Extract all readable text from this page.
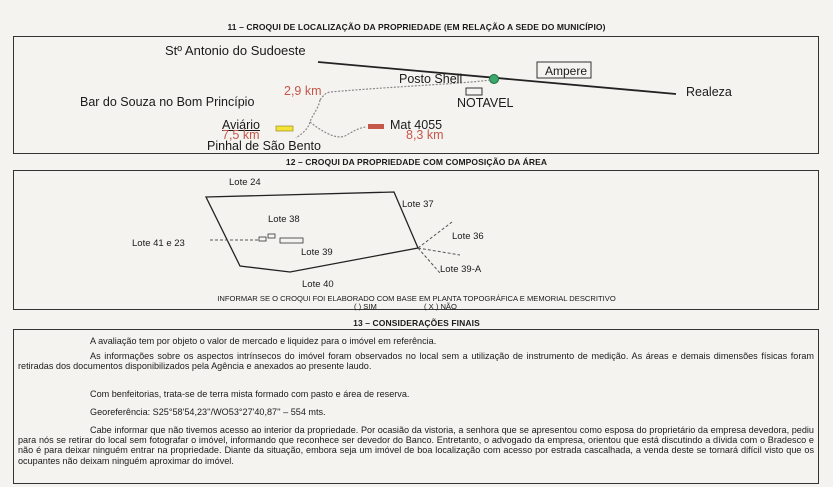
11 – CROQUI DE LOCALIZAÇÃO DA PROPRIEDADE (EM RELAÇÃO A SEDE DO MUNICÍPIO)
Stº Antonio do Sudoeste
Posto Shell
Ampere
Realeza
2,9 km
Bar do Souza no Bom Princípio	NOTAVEL
Aviário
7,5 km
Mat 4055
8,3 km
Pinhal de São Bento
12 – CROQUI DA PROPRIEDADE COM COMPOSIÇÃO DA ÁREA
Lote 24
Lote 37
Lote 38
Lote 36
Lote 41 e 23
Lote 39
Lote 39-A
Lote 40
INFORMAR SE O CROQUI FOI ELABORADO COM BASE EM PLANTA TOPOGRÁFICA E MEMORIAL DESCRITIVO
( ) SIM	( X ) NÃO
13 – CONSIDERAÇÕES FINAIS
A avaliação tem por objeto o valor de mercado e liquidez para o imóvel em referência.
As informações sobre os aspectos intrínsecos do imóvel foram observados no local sem a utilização de instrumento de medição. As áreas e demais dimensões físicas foram retiradas dos documentos disponibilizados pela Agência e anexados ao presente laudo.
Com benfeitorias, trata-se de terra mista formado com pasto e área de reserva.
Georeferência: S25°58'54,23''/WO53°27'40,87'' – 554 mts.
Cabe informar que não tivemos acesso ao interior da propriedade. Por ocasião da vistoria, a senhora que se apresentou como esposa do proprietário da empresa devedora, pediu para nós se retirar do local sem fotografar o imóvel, informando que reconhece ser devedor do Banco. Entretanto, o advogado da empresa, orientou que está discutindo a dívida com o Bradesco e não é para deixar ninguém entrar na propriedade. Diante da situação, embora seja um imóvel de boa localização com acesso por estrada cascalhada, a venda deste se tornará difícil visto que os ocupantes não deixam ninguém aproximar do imóvel.
